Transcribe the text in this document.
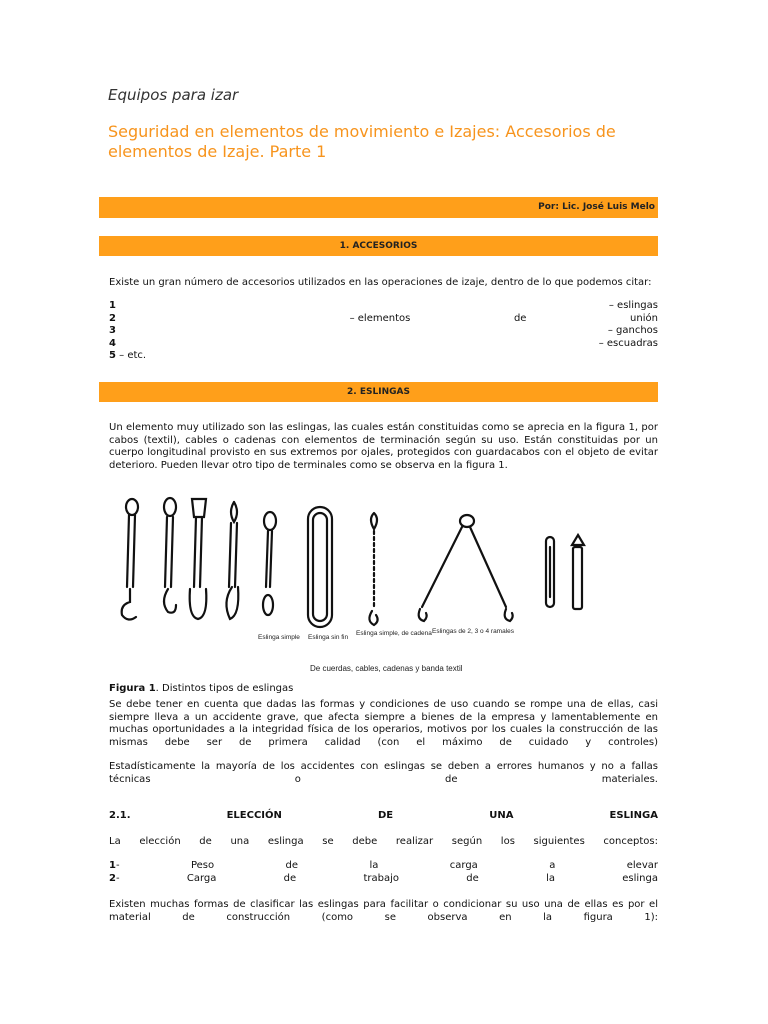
Equipos para izar
Seguridad en elementos de movimiento e Izajes: Accesorios de elementos de Izaje. Parte 1
Por: Lic. José Luis Melo
1. ACCESORIOS

Existe un gran número de accesorios utilizados en las operaciones de izaje, dentro de lo que podemos citar:

1	– eslingas
2	– elementos	de	unión
3	– ganchos
4	– escuadras
5
– etc.
2. ESLINGAS

Un elemento muy utilizado son las eslingas, las cuales están constituidas como se aprecia en la figura 1, por cabos (textil), cables o cadenas con elementos de terminación según su uso. Están constituidas por un cuerpo longitudinal provisto en sus extremos por ojales, protegidos con guardacabos con el objeto de evitar deterioro. Pueden llevar otro tipo de terminales como se observa en la figura 1.

Eslinga simple Eslinga sin fin
Eslinga simple, de cadena Eslingas de 2, 3 o 4 ramales
De cuerdas, cables, cadenas y banda textil
Figura 1. Distintos tipos de eslingas

Se debe tener en cuenta que dadas las formas y condiciones de uso cuando se rompe una de ellas, casi siempre lleva a un accidente grave, que afecta siempre a bienes de la empresa y lamentablemente en muchas oportunidades a la integridad física de los operarios, motivos por los cuales la construcción de las mismas debe ser de primera calidad (con el máximo de cuidado y controles)

Estadísticamente la mayoría de los accidentes con eslingas se deben a errores humanos y no a fallas técnicas o de materiales.

2.1.	ELECCIÓN	DE	UNA	ESLINGA

La elección de una eslinga se debe realizar según los siguientes conceptos:

1 - Peso de la carga a elevar
2 - Carga de trabajo de la eslinga

Existen muchas formas de clasificar las eslingas para facilitar o condicionar su uso una de ellas es por el material de construcción (como se observa en la figura 1):
